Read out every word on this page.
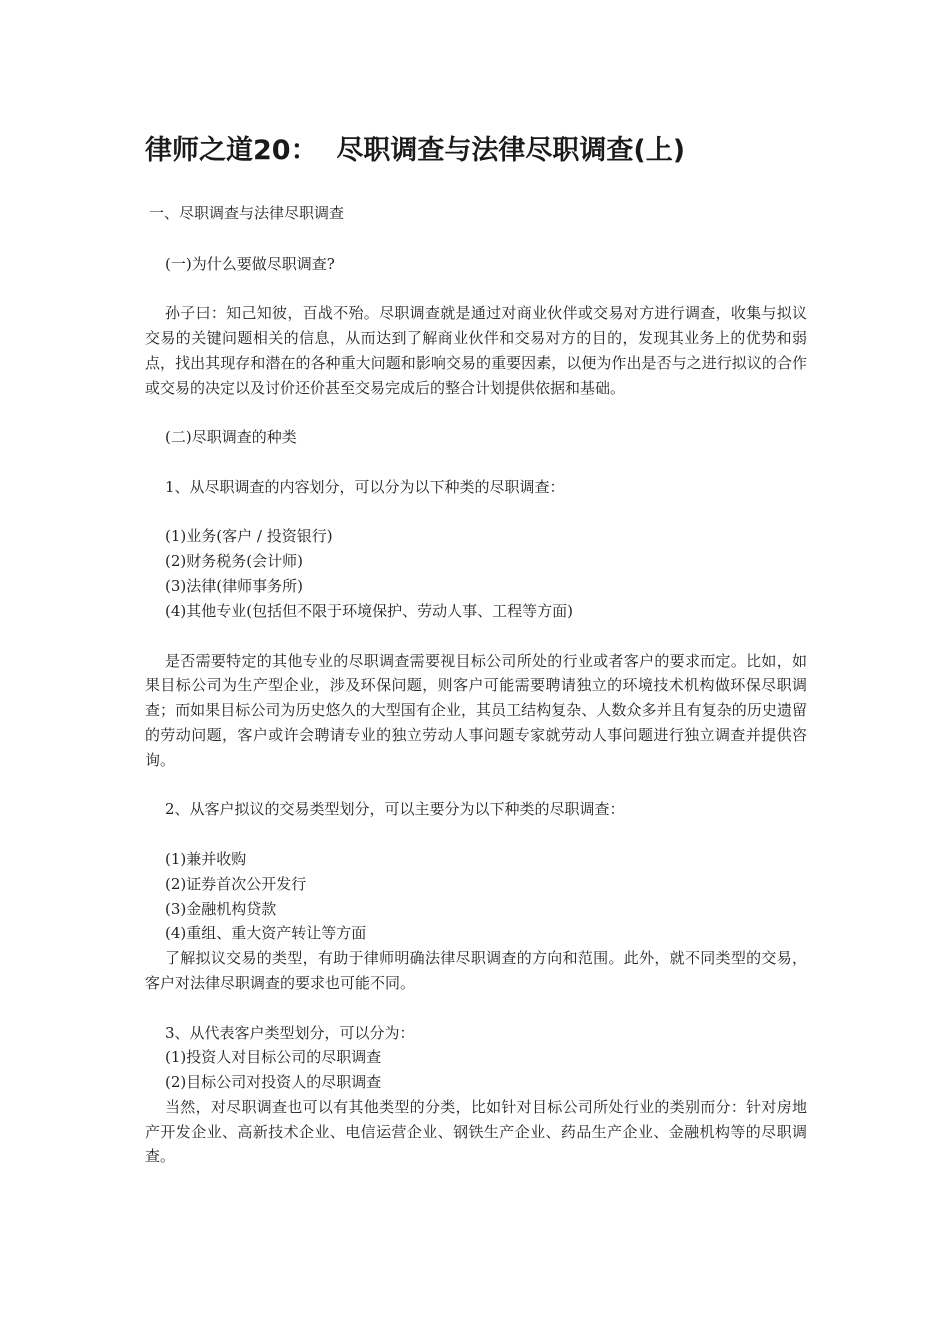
律师之道20：  尽职调查与法律尽职调查(上)

一、尽职调查与法律尽职调查

(一)为什么要做尽职调查?

孙子曰：知己知彼，百战不殆。尽职调查就是通过对商业伙伴或交易对方进行调查，收集与拟议交易的关键问题相关的信息，从而达到了解商业伙伴和交易对方的目的，发现其业务上的优势和弱点，找出其现存和潜在的各种重大问题和影响交易的重要因素，以便为作出是否与之进行拟议的合作或交易的决定以及讨价还价甚至交易完成后的整合计划提供依据和基础。

(二)尽职调查的种类

1、从尽职调查的内容划分，可以分为以下种类的尽职调查：

(1)业务(客户 / 投资银行)

(2)财务税务(会计师)

(3)法律(律师事务所)

(4)其他专业(包括但不限于环境保护、劳动人事、工程等方面)

是否需要特定的其他专业的尽职调查需要视目标公司所处的行业或者客户的要求而定。比如，如果目标公司为生产型企业，涉及环保问题，则客户可能需要聘请独立的环境技术机构做环保尽职调查；而如果目标公司为历史悠久的大型国有企业，其员工结构复杂、人数众多并且有复杂的历史遗留的劳动问题，客户或许会聘请专业的独立劳动人事问题专家就劳动人事问题进行独立调查并提供咨询。

2、从客户拟议的交易类型划分，可以主要分为以下种类的尽职调查：

(1)兼并收购

(2)证券首次公开发行

(3)金融机构贷款

(4)重组、重大资产转让等方面

了解拟议交易的类型，有助于律师明确法律尽职调查的方向和范围。此外，就不同类型的交易，客户对法律尽职调查的要求也可能不同。

3、从代表客户类型划分，可以分为：

(1)投资人对目标公司的尽职调查

(2)目标公司对投资人的尽职调查

当然，对尽职调查也可以有其他类型的分类，比如针对目标公司所处行业的类别而分：针对房地产开发企业、高新技术企业、电信运营企业、钢铁生产企业、药品生产企业、金融机构等的尽职调查。
